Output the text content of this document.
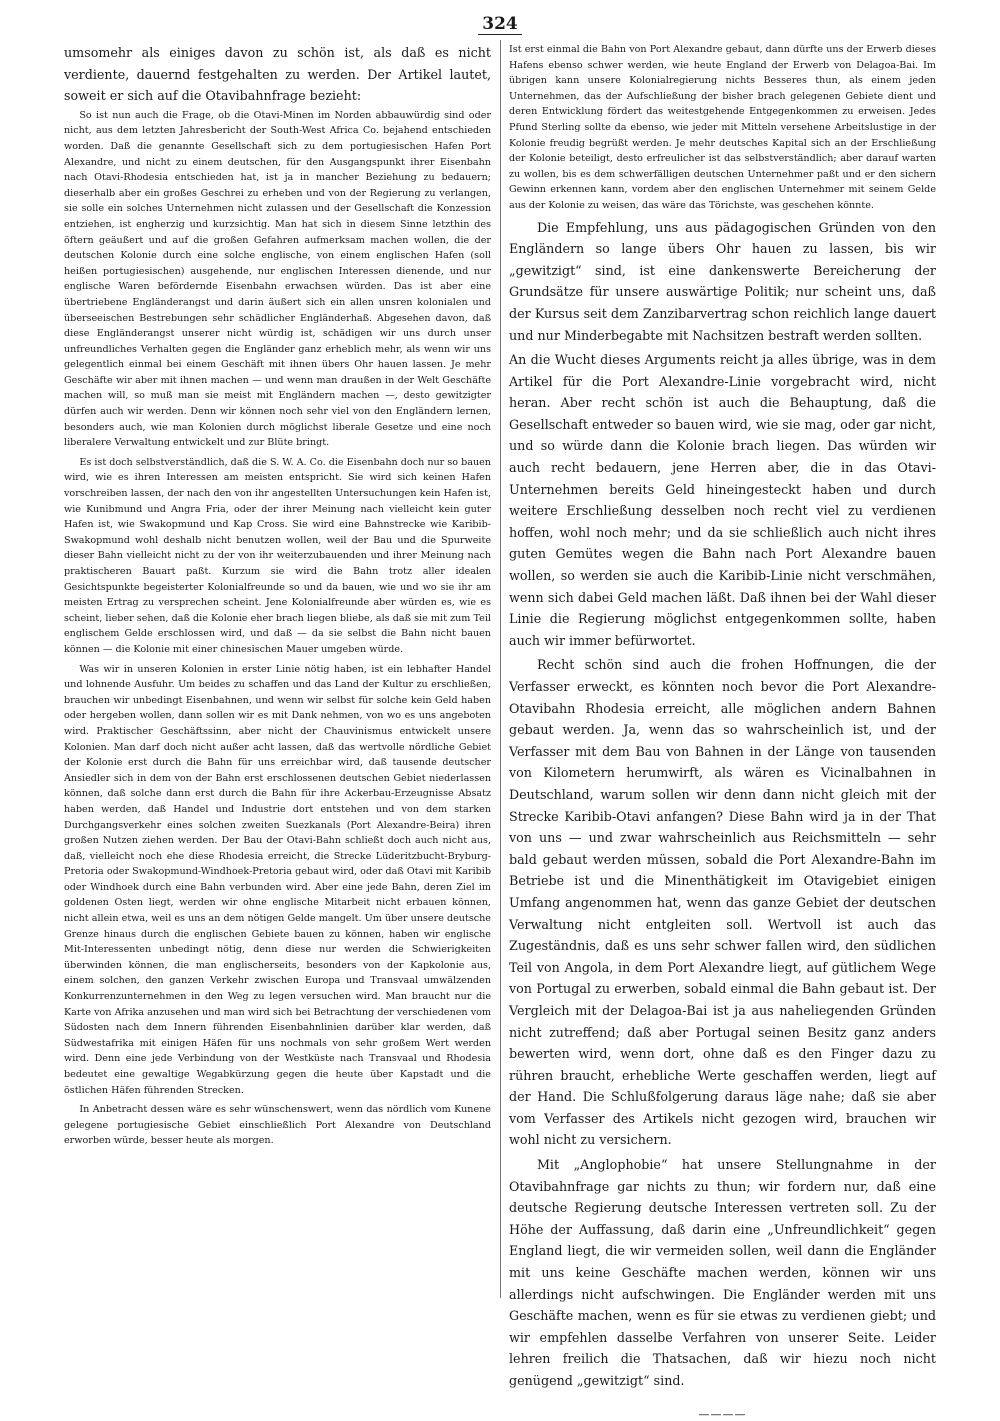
324

umsomehr als einiges davon zu schön ist, als daß es nicht verdiente, dauernd festgehalten zu werden. Der Artikel lautet, soweit er sich auf die Otavibahnfrage bezieht:

So ist nun auch die Frage, ob die Otavi-Minen im Norden abbauwürdig sind oder nicht, aus dem letzten Jahresbericht der South-West Africa Co. bejahend entschieden worden. Daß die genannte Gesellschaft sich zu dem portugiesischen Hafen Port Alexandre, und nicht zu einem deutschen, für den Ausgangspunkt ihrer Eisenbahn nach Otavi-Rhodesia entschieden hat, ist ja in mancher Beziehung zu bedauern; dieserhalb aber ein großes Geschrei zu erheben und von der Regierung zu verlangen, sie solle ein solches Unternehmen nicht zulassen und der Gesellschaft die Konzession entziehen, ist engherzig und kurzsichtig. Man hat sich in diesem Sinne letzthin des öftern geäußert und auf die großen Gefahren aufmerksam machen wollen, die der deutschen Kolonie durch eine solche englische, von einem englischen Hafen (soll heißen portugiesischen) ausgehende, nur englischen Interessen dienende, und nur englische Waren befördernde Eisenbahn erwachsen würden. Das ist aber eine übertriebene Engländerangst und darin äußert sich ein allen unsren kolonialen und überseeischen Bestrebungen sehr schädlicher Engländerhaß. Abgesehen davon, daß diese Engländerangst unserer nicht würdig ist, schädigen wir uns durch unser unfreundliches Verhalten gegen die Engländer ganz erheblich mehr, als wenn wir uns gelegentlich einmal bei einem Geschäft mit ihnen übers Ohr hauen lassen. Je mehr Geschäfte wir aber mit ihnen machen — und wenn man draußen in der Welt Geschäfte machen will, so muß man sie meist mit Engländern machen —, desto gewitzigter dürfen auch wir werden. Denn wir können noch sehr viel von den Engländern lernen, besonders auch, wie man Kolonien durch möglichst liberale Gesetze und eine noch liberalere Verwaltung entwickelt und zur Blüte bringt.

Es ist doch selbstverständlich, daß die S. W. A. Co. die Eisenbahn doch nur so bauen wird, wie es ihren Interessen am meisten entspricht. Sie wird sich keinen Hafen vorschreiben lassen, der nach den von ihr angestellten Untersuchungen kein Hafen ist, wie Kunibmund und Angra Fria, oder der ihrer Meinung nach vielleicht kein guter Hafen ist, wie Swakopmund und Kap Cross. Sie wird eine Bahnstrecke wie Karibib-Swakopmund wohl deshalb nicht benutzen wollen, weil der Bau und die Spurweite dieser Bahn vielleicht nicht zu der von ihr weiterzubauenden und ihrer Meinung nach praktischeren Bauart paßt. Kurzum sie wird die Bahn trotz aller idealen Gesichtspunkte begeisterter Kolonialfreunde so und da bauen, wie und wo sie ihr am meisten Ertrag zu versprechen scheint. Jene Kolonialfreunde aber würden es, wie es scheint, lieber sehen, daß die Kolonie eher brach liegen bliebe, als daß sie mit zum Teil englischem Gelde erschlossen wird, und daß — da sie selbst die Bahn nicht bauen können — die Kolonie mit einer chinesischen Mauer umgeben würde.

Was wir in unseren Kolonien in erster Linie nötig haben, ist ein lebhafter Handel und lohnende Ausfuhr. Um beides zu schaffen und das Land der Kultur zu erschließen, brauchen wir unbedingt Eisenbahnen, und wenn wir selbst für solche kein Geld haben oder hergeben wollen, dann sollen wir es mit Dank nehmen, von wo es uns angeboten wird. Praktischer Geschäftssinn, aber nicht der Chauvinismus entwickelt unsere Kolonien. Man darf doch nicht außer acht lassen, daß das wertvolle nördliche Gebiet der Kolonie erst durch die Bahn für uns erreichbar wird, daß tausende deutscher Ansiedler sich in dem von der Bahn erst erschlossenen deutschen Gebiet niederlassen können, daß solche dann erst durch die Bahn für ihre Ackerbau-Erzeugnisse Absatz haben werden, daß Handel und Industrie dort entstehen und von dem starken Durchgangsverkehr eines solchen zweiten Suezkanals (Port Alexandre-Beira) ihren großen Nutzen ziehen werden. Der Bau der Otavi-Bahn schließt doch auch nicht aus, daß, vielleicht noch ehe diese Rhodesia erreicht, die Strecke Lüderitzbucht-Bryburg-Pretoria oder Swakopmund-Windhoek-Pretoria gebaut wird, oder daß Otavi mit Karibib oder Windhoek durch eine Bahn verbunden wird. Aber eine jede Bahn, deren Ziel im goldenen Osten liegt, werden wir ohne englische Mitarbeit nicht erbauen können, nicht allein etwa, weil es uns an dem nötigen Gelde mangelt. Um über unsere deutsche Grenze hinaus durch die englischen Gebiete bauen zu können, haben wir englische Mit-Interessenten unbedingt nötig, denn diese nur werden die Schwierigkeiten überwinden können, die man englischerseits, besonders von der Kapkolonie aus, einem solchen, den ganzen Verkehr zwischen Europa und Transvaal umwälzenden Konkurrenzunternehmen in den Weg zu legen versuchen wird. Man braucht nur die Karte von Afrika anzusehen und man wird sich bei Betrachtung der verschiedenen vom Südosten nach dem Innern führenden Eisenbahnlinien darüber klar werden, daß Südwestafrika mit einigen Häfen für uns nochmals von sehr großem Wert werden wird. Denn eine jede Verbindung von der Westküste nach Transvaal und Rhodesia bedeutet eine gewaltige Wegabkürzung gegen die heute über Kapstadt und die östlichen Häfen führenden Strecken.

In Anbetracht dessen wäre es sehr wünschenswert, wenn das nördlich vom Kunene gelegene portugiesische Gebiet einschließlich Port Alexandre von Deutschland erworben würde, besser heute als morgen.

Ist erst einmal die Bahn von Port Alexandre gebaut, dann dürfte uns der Erwerb dieses Hafens ebenso schwer werden, wie heute England der Erwerb von Delagoa-Bai. Im übrigen kann unsere Kolonialregierung nichts Besseres thun, als einem jeden Unternehmen, das der Aufschließung der bisher brach gelegenen Gebiete dient und deren Entwicklung fördert das weitestgehende Entgegenkommen zu erweisen. Jedes Pfund Sterling sollte da ebenso, wie jeder mit Mitteln versehene Arbeitslustige in der Kolonie freudig begrüßt werden. Je mehr deutsches Kapital sich an der Erschließung der Kolonie beteiligt, desto erfreulicher ist das selbstverständlich; aber darauf warten zu wollen, bis es dem schwerfälligen deutschen Unternehmer paßt und er den sichern Gewinn erkennen kann, vordem aber den englischen Unternehmer mit seinem Gelde aus der Kolonie zu weisen, das wäre das Törichste, was geschehen könnte.

Die Empfehlung, uns aus pädagogischen Gründen von den Engländern so lange übers Ohr hauen zu lassen, bis wir „gewitzigt“ sind, ist eine dankenswerte Bereicherung der Grundsätze für unsere auswärtige Politik; nur scheint uns, daß der Kursus seit dem Zanzibarvertrag schon reichlich lange dauert und nur Minderbegabte mit Nachsitzen bestraft werden sollten.

An die Wucht dieses Arguments reicht ja alles übrige, was in dem Artikel für die Port Alexandre-Linie vorgebracht wird, nicht heran. Aber recht schön ist auch die Behauptung, daß die Gesellschaft entweder so bauen wird, wie sie mag, oder gar nicht, und so würde dann die Kolonie brach liegen. Das würden wir auch recht bedauern, jene Herren aber, die in das Otavi-Unternehmen bereits Geld hineingesteckt haben und durch weitere Erschließung desselben noch recht viel zu verdienen hoffen, wohl noch mehr; und da sie schließlich auch nicht ihres guten Gemütes wegen die Bahn nach Port Alexandre bauen wollen, so werden sie auch die Karibib-Linie nicht verschmähen, wenn sich dabei Geld machen läßt. Daß ihnen bei der Wahl dieser Linie die Regierung möglichst entgegenkommen sollte, haben auch wir immer befürwortet.

Recht schön sind auch die frohen Hoffnungen, die der Verfasser erweckt, es könnten noch bevor die Port Alexandre-Otavibahn Rhodesia erreicht, alle möglichen andern Bahnen gebaut werden. Ja, wenn das so wahrscheinlich ist, und der Verfasser mit dem Bau von Bahnen in der Länge von tausenden von Kilometern herumwirft, als wären es Vicinalbahnen in Deutschland, warum sollen wir denn dann nicht gleich mit der Strecke Karibib-Otavi anfangen? Diese Bahn wird ja in der That von uns — und zwar wahrscheinlich aus Reichsmitteln — sehr bald gebaut werden müssen, sobald die Port Alexandre-Bahn im Betriebe ist und die Minenthätigkeit im Otavigebiet einigen Umfang angenommen hat, wenn das ganze Gebiet der deutschen Verwaltung nicht entgleiten soll. Wertvoll ist auch das Zugeständnis, daß es uns sehr schwer fallen wird, den südlichen Teil von Angola, in dem Port Alexandre liegt, auf gütlichem Wege von Portugal zu erwerben, sobald einmal die Bahn gebaut ist. Der Vergleich mit der Delagoa-Bai ist ja aus naheliegenden Gründen nicht zutreffend; daß aber Portugal seinen Besitz ganz anders bewerten wird, wenn dort, ohne daß es den Finger dazu zu rühren braucht, erhebliche Werte geschaffen werden, liegt auf der Hand. Die Schlußfolgerung daraus läge nahe; daß sie aber vom Verfasser des Artikels nicht gezogen wird, brauchen wir wohl nicht zu versichern.

Mit „Anglophobie“ hat unsere Stellungnahme in der Otavibahnfrage gar nichts zu thun; wir fordern nur, daß eine deutsche Regierung deutsche Interessen vertreten soll. Zu der Höhe der Auffassung, daß darin eine „Unfreundlichkeit“ gegen England liegt, die wir vermeiden sollen, weil dann die Engländer mit uns keine Geschäfte machen werden, können wir uns allerdings nicht aufschwingen. Die Engländer werden mit uns Geschäfte machen, wenn es für sie etwas zu verdienen giebt; und wir empfehlen dasselbe Verfahren von unserer Seite. Leider lehren freilich die Thatsachen, daß wir hiezu noch nicht genügend „gewitzigt“ sind.

————
